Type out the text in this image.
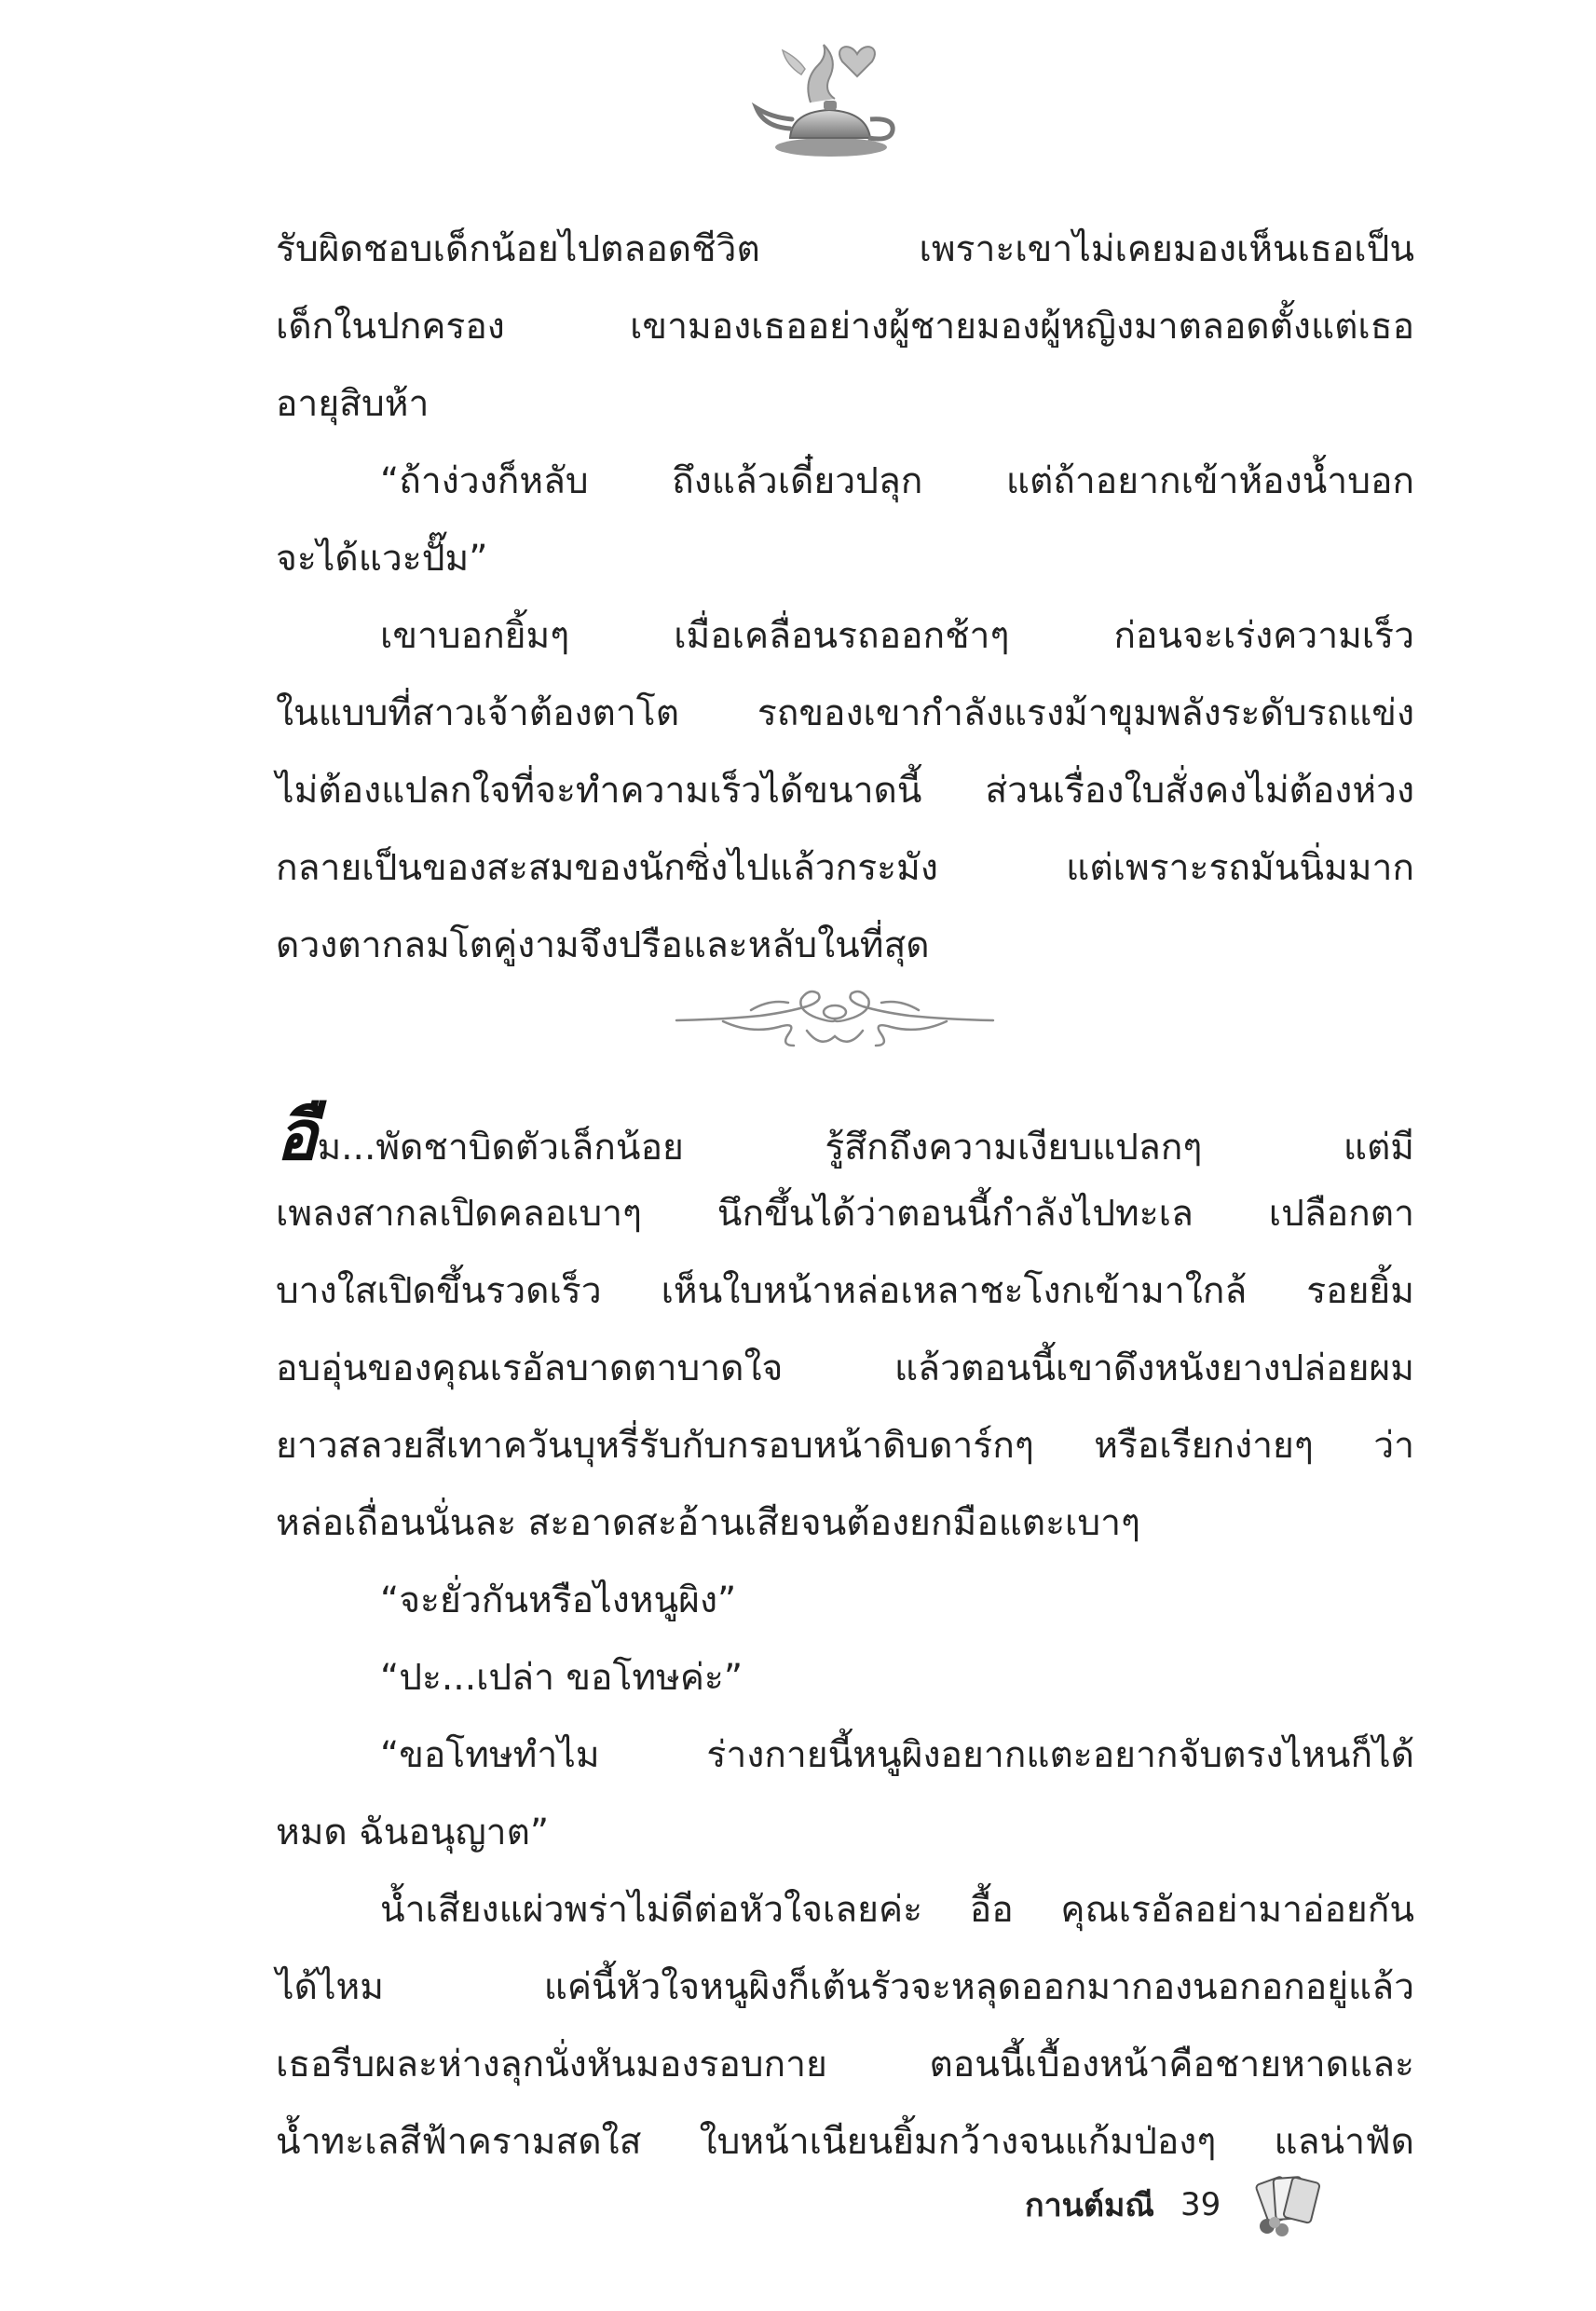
รับผิดชอบเด็กน้อยไปตลอดชีวิต เพราะเขาไม่เคยมองเห็นเธอเป็น
เด็กในปกครอง เขามองเธออย่างผู้ชายมองผู้หญิงมาตลอดตั้งแต่เธอ
อายุสิบห้า
“ถ้าง่วงก็หลับ ถึงแล้วเดี๋ยวปลุก แต่ถ้าอยากเข้าห้องน้ำบอก
จะได้แวะปั๊ม”
เขาบอกยิ้มๆ เมื่อเคลื่อนรถออกช้าๆ ก่อนจะเร่งความเร็ว
ในแบบที่สาวเจ้าต้องตาโต รถของเขากำลังแรงม้าขุมพลังระดับรถแข่ง
ไม่ต้องแปลกใจที่จะทำความเร็วได้ขนาดนี้ ส่วนเรื่องใบสั่งคงไม่ต้องห่วง
กลายเป็นของสะสมของนักซิ่งไปแล้วกระมัง แต่เพราะรถมันนิ่มมาก
ดวงตากลมโตคู่งามจึงปรือและหลับในที่สุด
อืม...พัดชาบิดตัวเล็กน้อย รู้สึกถึงความเงียบแปลกๆ แต่มี
เพลงสากลเปิดคลอเบาๆ นึกขึ้นได้ว่าตอนนี้กำลังไปทะเล เปลือกตา
บางใสเปิดขึ้นรวดเร็ว เห็นใบหน้าหล่อเหลาชะโงกเข้ามาใกล้ รอยยิ้ม
อบอุ่นของคุณเรอัลบาดตาบาดใจ แล้วตอนนี้เขาดึงหนังยางปล่อยผม
ยาวสลวยสีเทาควันบุหรี่รับกับกรอบหน้าดิบดาร์กๆ หรือเรียกง่ายๆ ว่า
หล่อเถื่อนนั่นละ สะอาดสะอ้านเสียจนต้องยกมือแตะเบาๆ
“จะยั่วกันหรือไงหนูผิง”
“ปะ...เปล่า ขอโทษค่ะ”
“ขอโทษทำไม ร่างกายนี้หนูผิงอยากแตะอยากจับตรงไหนก็ได้
หมด ฉันอนุญาต”
น้ำเสียงแผ่วพร่าไม่ดีต่อหัวใจเลยค่ะ อื้อ คุณเรอัลอย่ามาอ่อยกัน
ได้ไหม แค่นี้หัวใจหนูผิงก็เต้นรัวจะหลุดออกมากองนอกอกอยู่แล้ว
เธอรีบผละห่างลุกนั่งหันมองรอบกาย ตอนนี้เบื้องหน้าคือชายหาดและ
น้ำทะเลสีฟ้าครามสดใส ใบหน้าเนียนยิ้มกว้างจนแก้มป่องๆ แลน่าฟัด
กานต์มณี 39
